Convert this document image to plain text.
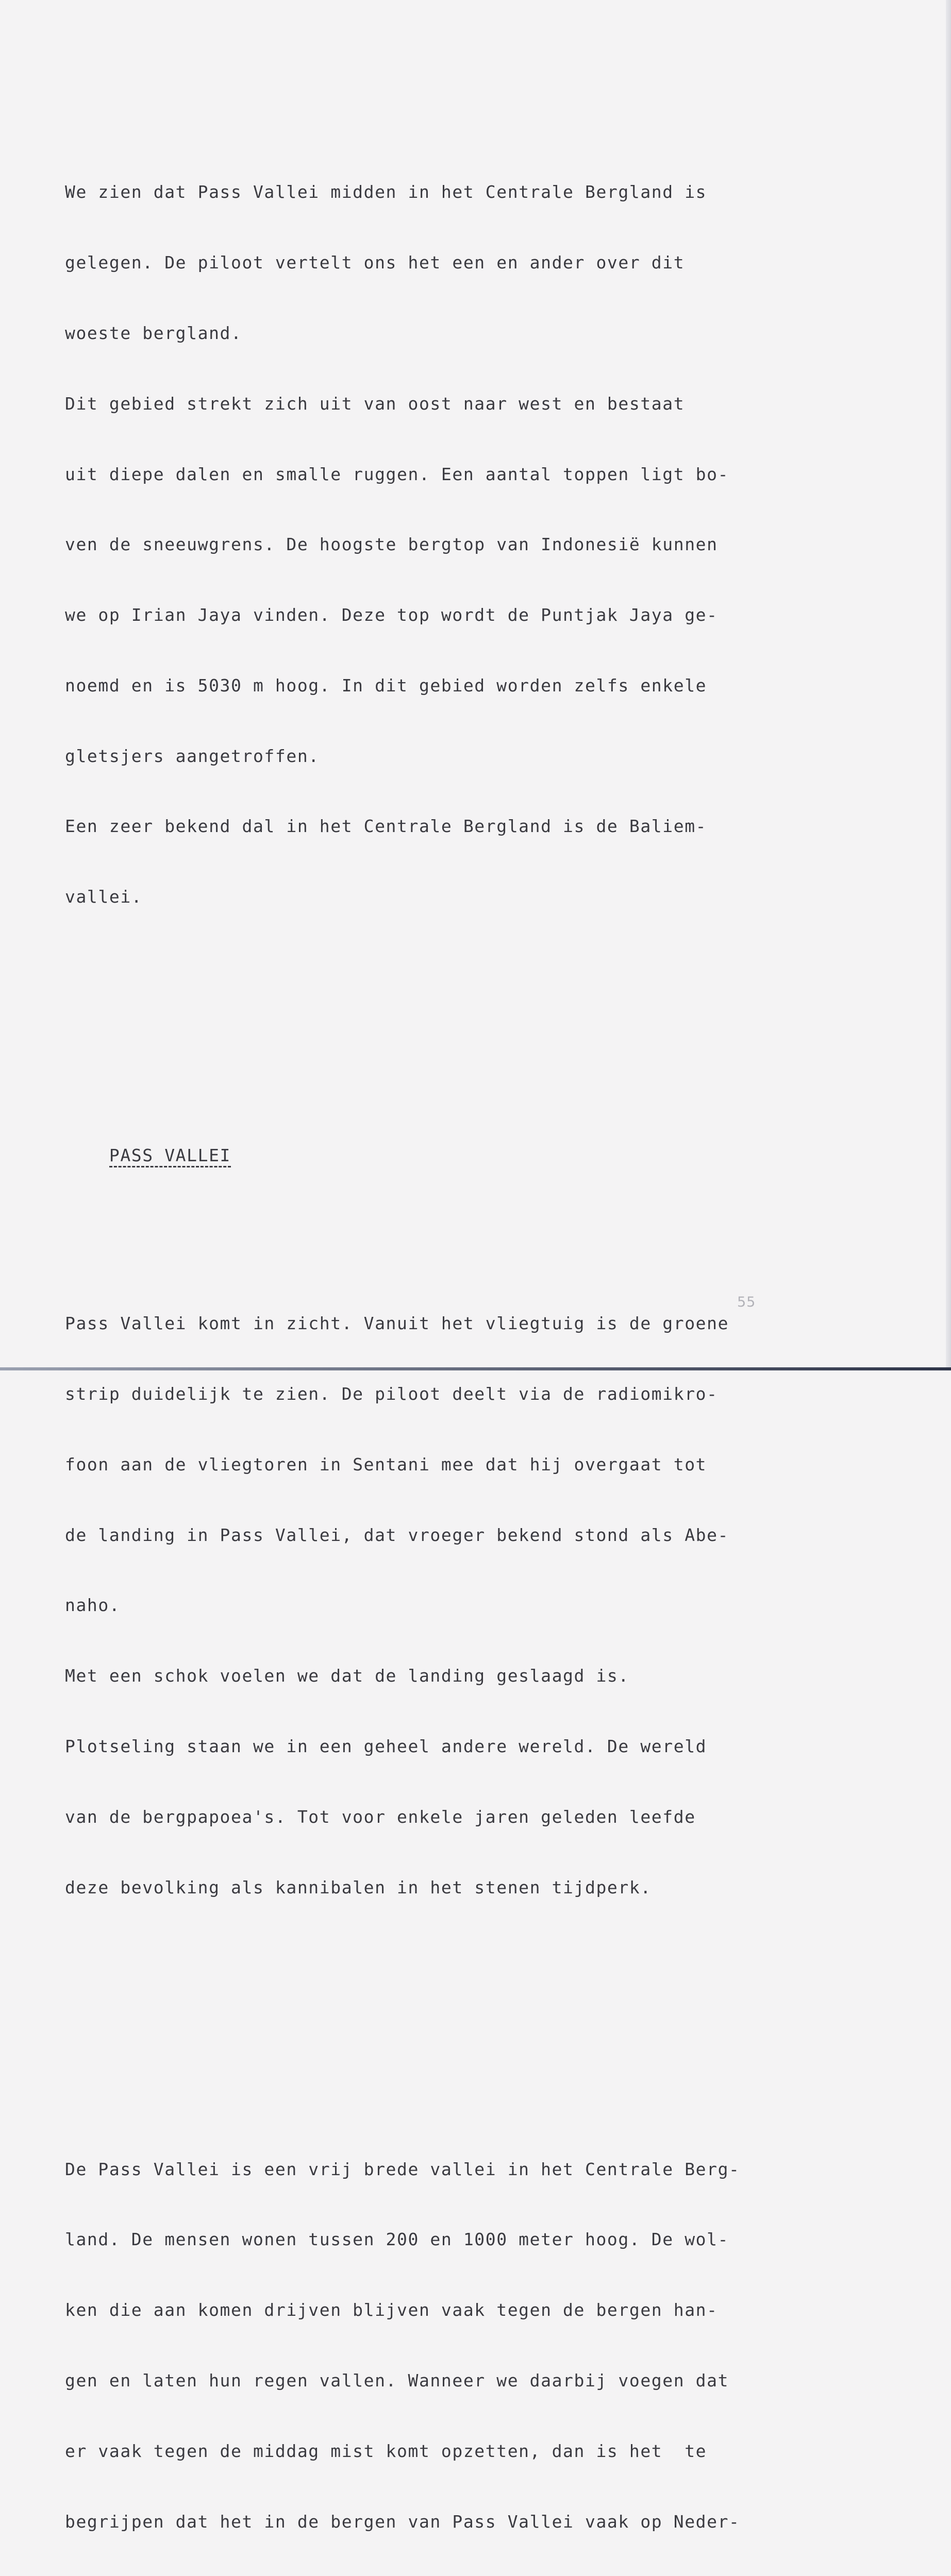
We zien dat Pass Vallei midden in het Centrale Bergland is

gelegen. De piloot vertelt ons het een en ander over dit

woeste bergland.

Dit gebied strekt zich uit van oost naar west en bestaat

uit diepe dalen en smalle ruggen. Een aantal toppen ligt bo-

ven de sneeuwgrens. De hoogste bergtop van Indonesië kunnen

we op Irian Jaya vinden. Deze top wordt de Puntjak Jaya ge-

noemd en is 5030 m hoog. In dit gebied worden zelfs enkele

gletsjers aangetroffen.

Een zeer bekend dal in het Centrale Bergland is de Baliem-

vallei.

PASS VALLEI

Pass Vallei komt in zicht. Vanuit het vliegtuig is de groene

strip duidelijk te zien. De piloot deelt via de radiomikro-

foon aan de vliegtoren in Sentani mee dat hij overgaat tot

de landing in Pass Vallei, dat vroeger bekend stond als Abe-

naho.

Met een schok voelen we dat de landing geslaagd is.

Plotseling staan we in een geheel andere wereld. De wereld

van de bergpapoea's. Tot voor enkele jaren geleden leefde

deze bevolking als kannibalen in het stenen tijdperk.

De Pass Vallei is een vrij brede vallei in het Centrale Berg-

land. De mensen wonen tussen 200 en 1000 meter hoog. De wol-

ken die aan komen drijven blijven vaak tegen de bergen han-

gen en laten hun regen vallen. Wanneer we daarbij voegen dat

er vaak tegen de middag mist komt opzetten, dan is het  te

begrijpen dat het in de bergen van Pass Vallei vaak op Neder-

55
